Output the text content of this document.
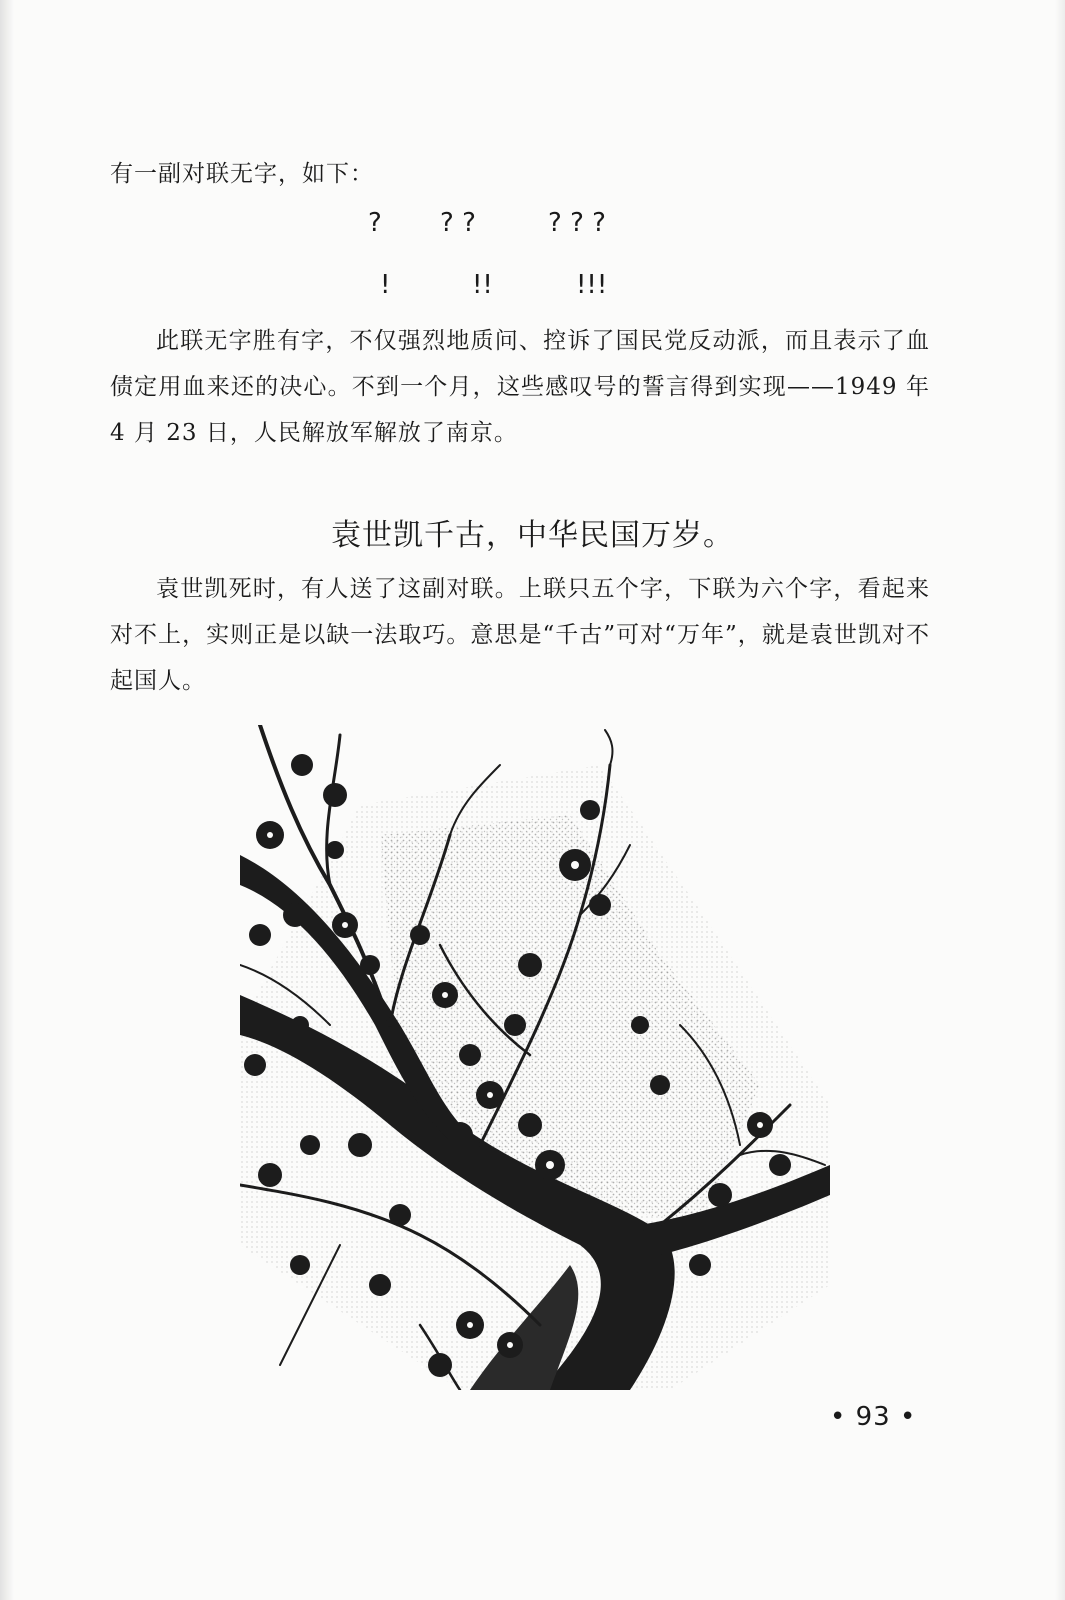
有一副对联无字，如下：
? ? ?	? ? ?
!	!!	!!!

此联无字胜有字，不仅强烈地质问、控诉了国民党反动派，而且表示了血债定用血来还的决心。不到一个月，这些感叹号的誓言得到实现——1949 年 4 月 23 日，人民解放军解放了南京。

袁世凯千古，中华民国万岁。

袁世凯死时，有人送了这副对联。上联只五个字，下联为六个字，看起来对不上，实则正是以缺一法取巧。意思是“千古”可对“万年”，就是袁世凯对不起国人。

• 93 •
